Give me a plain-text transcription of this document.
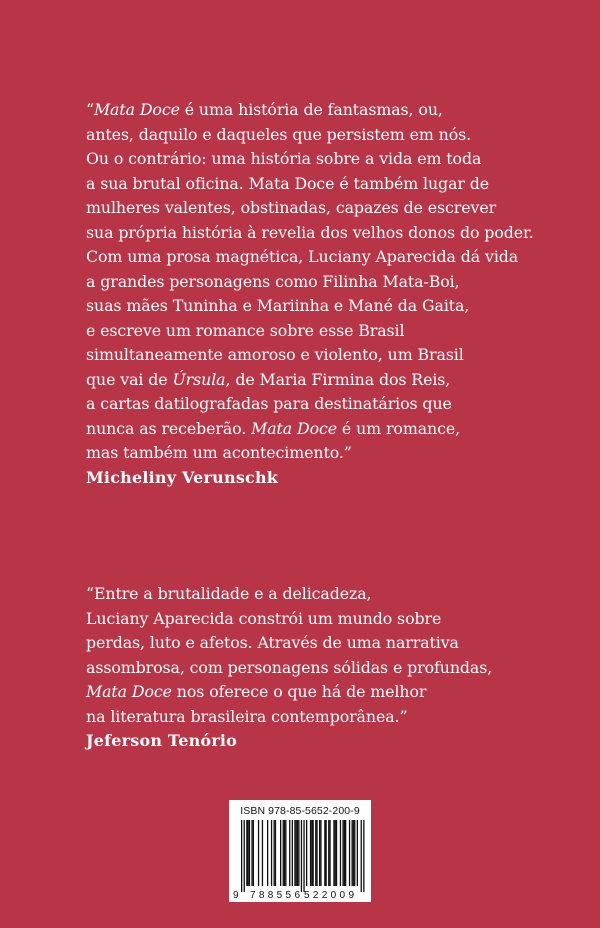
“Mata Doce é uma história de fantasmas, ou,
antes, daquilo e daqueles que persistem em nós.
Ou o contrário: uma história sobre a vida em toda
a sua brutal oficina. Mata Doce é também lugar de
mulheres valentes, obstinadas, capazes de escrever
sua própria história à revelia dos velhos donos do poder.
Com uma prosa magnética, Luciany Aparecida dá vida
a grandes personagens como Filinha Mata-Boi,
suas mães Tuninha e Mariinha e Mané da Gaita,
e escreve um romance sobre esse Brasil
simultaneamente amoroso e violento, um Brasil
que vai de Úrsula, de Maria Firmina dos Reis,
a cartas datilografadas para destinatários que
nunca as receberão. Mata Doce é um romance,
mas também um acontecimento.”
Micheliny Verunschk
“Entre a brutalidade e a delicadeza,
Luciany Aparecida constrói um mundo sobre
perdas, luto e afetos. Através de uma narrativa
assombrosa, com personagens sólidas e profundas,
Mata Doce nos oferece o que há de melhor
na literatura brasileira contemporânea.”
Jeferson Tenório
ISBN 978-85-5652-200-9
9 788556 522009
